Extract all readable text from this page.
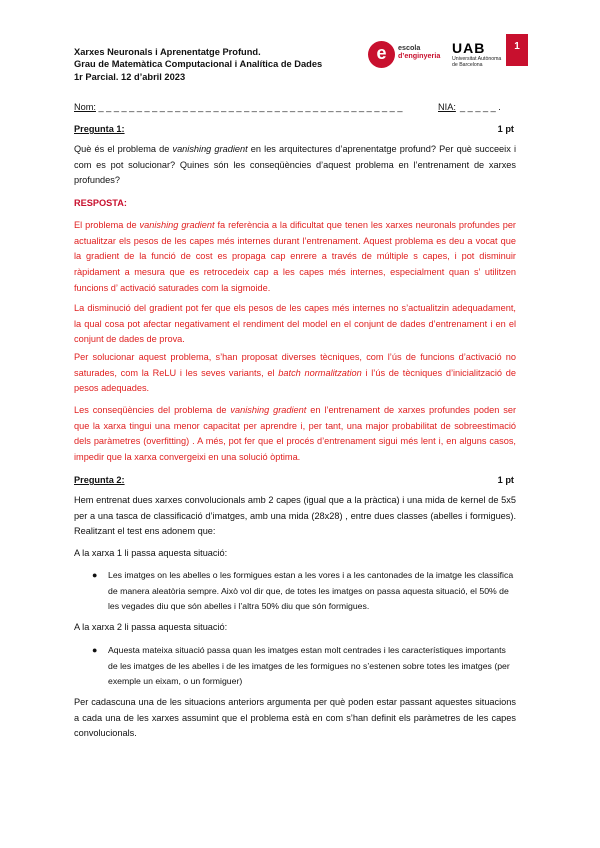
Xarxes Neuronals i Aprenentatge Profund.
Grau de Matemàtica Computacional i Analítica de Dades
1r Parcial. 12 d’abril 2023
e	escola
d’enginyeria UAB
Universitat Autònoma
de Barcelona
1
Nom: _ _ _ _ _ _ _ _ _ _ _ _ _ _ _ _ _ _ _ _ _ _ _ _ _ _ _ _ _ _ _ _ _ _ _ _ _ _ _ _	NIA: _ _ _ _ _ .
Pregunta 1:	1 pt
Què és el problema de vanishing gradient en les arquitectures d’aprenentatge profund? Per què succeeix i com es pot solucionar? Quines són les conseqüències d’aquest problema en l’entrenament de xarxes profundes?
RESPOSTA:
El problema de vanishing gradient fa referència a la dificultat que tenen les xarxes neuronals profundes per actualitzar els pesos de les capes més internes durant l’entrenament. Aquest problema es deu a vocat que la gradient de la funció de cost es propaga cap enrere a través de múltiple s capes, i pot disminuir ràpidament a mesura que es retrocedeix cap a les capes més internes, especialment quan s’ utilitzen funcions d’ activació saturades com la sigmoide.
La disminució del gradient pot fer que els pesos de les capes més internes no s’actualitzin adequadament, la qual cosa pot afectar negativament el rendiment del model en el conjunt de dades d’entrenament i en el conjunt de dades de prova.
Per solucionar aquest problema, s’han proposat diverses tècniques, com l’ús de funcions d’activació no saturades, com la ReLU i les seves variants, el batch normalitzation i l’ús de tècniques d’inicialització de pesos adequades.
Les conseqüències del problema de vanishing gradient en l’entrenament de xarxes profundes poden ser que la xarxa tingui una menor capacitat per aprendre i, per tant, una major probabilitat de sobreestimació dels paràmetres (overfitting) . A més, pot fer que el procés d’entrenament sigui més lent i, en alguns casos, impedir que la xarxa convergeixi en una solució òptima.
Pregunta 2:	1 pt
Hem entrenat dues xarxes convolucionals amb 2 capes (igual que a la pràctica) i una mida de kernel de 5x5 per a una tasca de classificació d’imatges, amb una mida (28x28) , entre dues classes (abelles i formigues). Realitzant el test ens adonem que:
A la xarxa 1 li passa aquesta situació:
● Les imatges on les abelles o les formigues estan a les vores i a les cantonades de la imatge les classifica de manera aleatòria sempre. Això vol dir que, de totes les imatges on passa aquesta situació, el 50% de les vegades diu que són abelles i l’altra 50% diu que són formigues.
A la xarxa 2 li passa aquesta situació:
● Aquesta mateixa situació passa quan les imatges estan molt centrades i les característiques importants de les imatges de les abelles i de les imatges de les formigues no s’estenen sobre totes les imatges (per exemple un eixam, o un formiguer)
Per cadascuna una de les situacions anteriors argumenta per què poden estar passant aquestes situacions a cada una de les xarxes assumint que el problema està en com s’han definit els paràmetres de les capes convolucionals.
